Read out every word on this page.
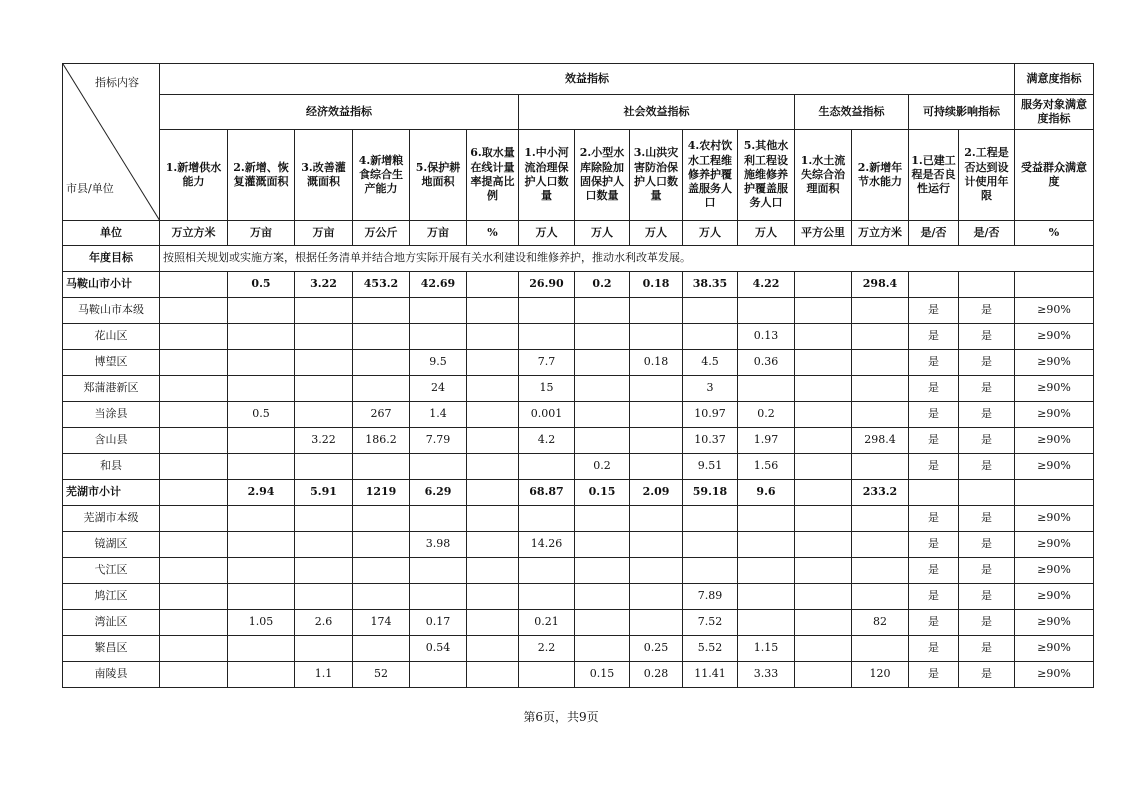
指标内容
市县/单位	效益指标															满意度指标
	经济效益指标						社会效益指标					生态效益指标		可持续影响指标		服务对象满意度指标
	1.新增供水能力	2.新增、恢复灌溉面积	3.改善灌溉面积	4.新增粮食综合生产能力	5.保护耕地面积	6.取水量在线计量率提高比例	1.中小河流治理保护人口数量	2.小型水库除险加固保护人口数量	3.山洪灾害防治保护人口数量	4.农村饮水工程维修养护覆盖服务人口	5.其他水利工程设施维修养护覆盖服务人口	1.水土流失综合治理面积	2.新增年节水能力	1.已建工程是否良性运行	2.工程是否达到设计使用年限	受益群众满意度
单位	万立方米	万亩	万亩	万公斤	万亩	%	万人	万人	万人	万人	万人	平方公里	万立方米	是/否	是/否	%
年度目标	按照相关规划或实施方案，根据任务清单并结合地方实际开展有关水利建设和维修养护，推动水利改革发展。															
马鞍山市小计		0.5	3.22	453.2	42.69		26.90	0.2	0.18	38.35	4.22		298.4			
马鞍山市本级														是	是	≥90%
花山区											0.13			是	是	≥90%
博望区					9.5		7.7		0.18	4.5	0.36			是	是	≥90%
郑蒲港新区					24		15			3				是	是	≥90%
当涂县		0.5		267	1.4		0.001			10.97	0.2			是	是	≥90%
含山县			3.22	186.2	7.79		4.2			10.37	1.97		298.4	是	是	≥90%
和县								0.2		9.51	1.56			是	是	≥90%
芜湖市小计		2.94	5.91	1219	6.29		68.87	0.15	2.09	59.18	9.6		233.2			
芜湖市本级														是	是	≥90%
镜湖区					3.98		14.26							是	是	≥90%
弋江区														是	是	≥90%
鸠江区										7.89				是	是	≥90%
湾沚区		1.05	2.6	174	0.17		0.21			7.52			82	是	是	≥90%
繁昌区					0.54		2.2		0.25	5.52	1.15			是	是	≥90%
南陵县			1.1	52				0.15	0.28	11.41	3.33		120	是	是	≥90%
第6页，共9页
